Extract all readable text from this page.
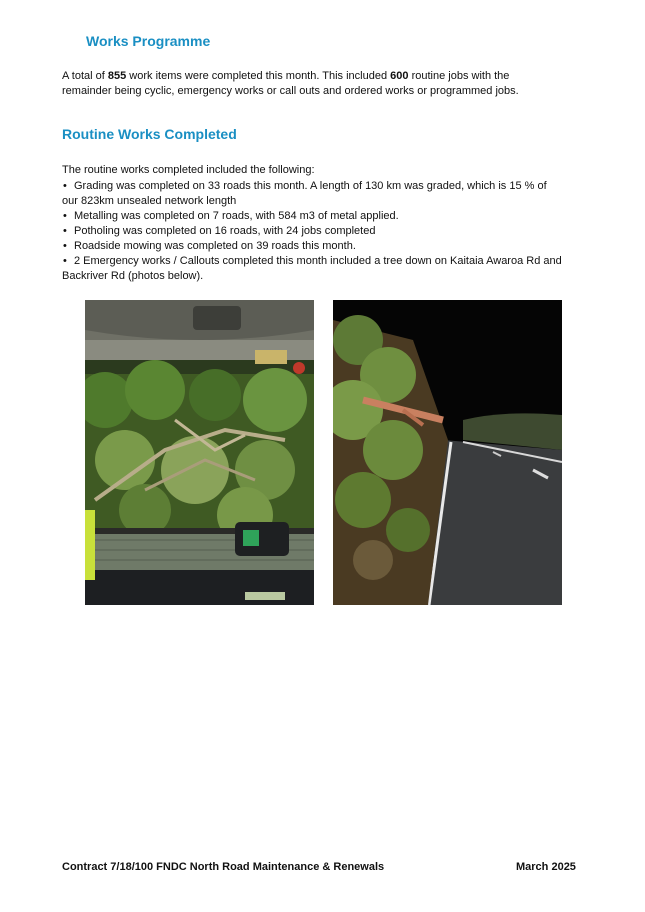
Works Programme

A total of 855 work items were completed this month. This included 600 routine jobs with the remainder being cyclic, emergency works or call outs and ordered works or programmed jobs.

Routine Works Completed

The routine works completed included the following:

• Grading was completed on 33 roads this month. A length of 130 km was graded, which is 15 % of our 823km unsealed network length
• Metalling was completed on 7 roads, with 584 m3 of metal applied.
• Potholing was completed on 16 roads, with 24 jobs completed
• Roadside mowing was completed on 39 roads this month.
• 2 Emergency works / Callouts completed this month included a tree down on Kaitaia Awaroa Rd and Backriver Rd (photos below).
Contract 7/18/100 FNDC North Road Maintenance & Renewals	March 2025
